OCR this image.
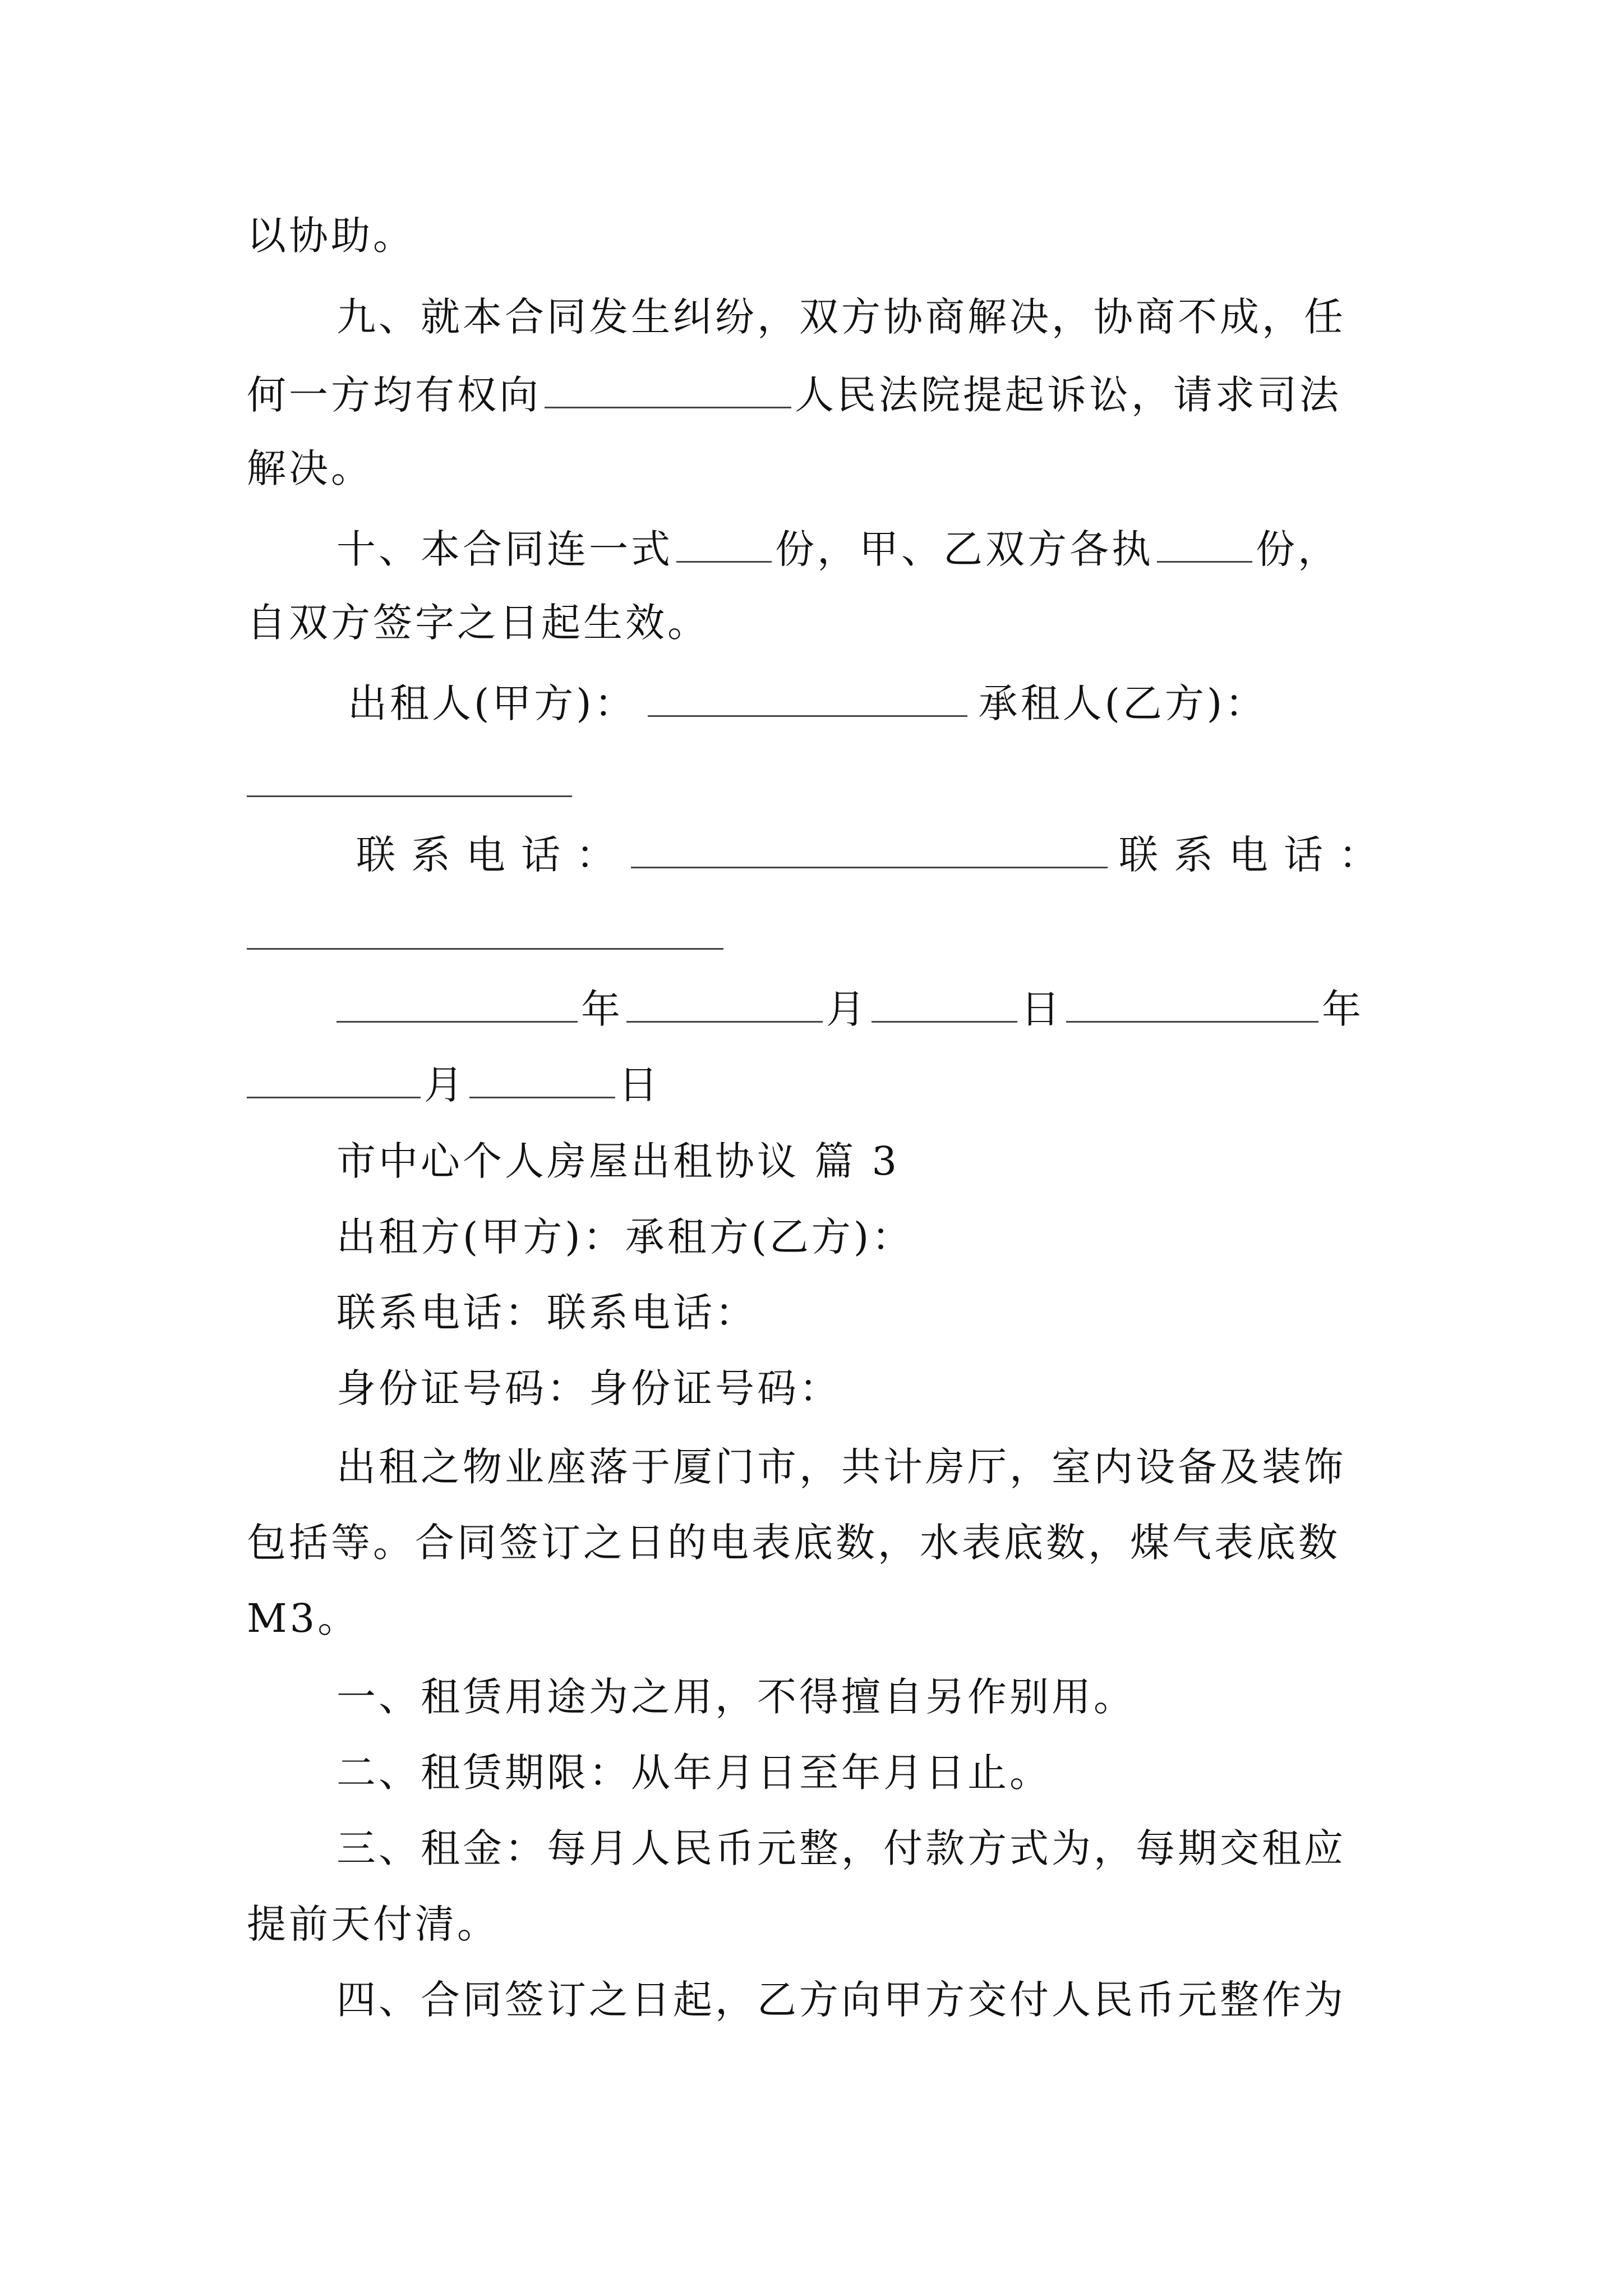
以协助。
九、就本合同发生纠纷，双方协商解决，协商不成，任
何一方均有权向	人民法院提起诉讼，请求司法
解决。
十、本合同连一式	份，甲、乙双方各执	份，
自双方签字之日起生效。
出租人(甲方)：	承租人(乙方)：
联系电话：	联系电话：
年	月	日	年
月	日
市中心个人房屋出租协议 篇 3
出租方(甲方)：承租方(乙方)：
联系电话：联系电话：
身份证号码：身份证号码：
出租之物业座落于厦门市，共计房厅，室内设备及装饰
包括等。合同签订之日的电表底数，水表底数，煤气表底数
M3。
一、租赁用途为之用，不得擅自另作别用。
二、租赁期限：从年月日至年月日止。
三、租金：每月人民币元整，付款方式为，每期交租应
提前天付清。
四、合同签订之日起，乙方向甲方交付人民币元整作为
